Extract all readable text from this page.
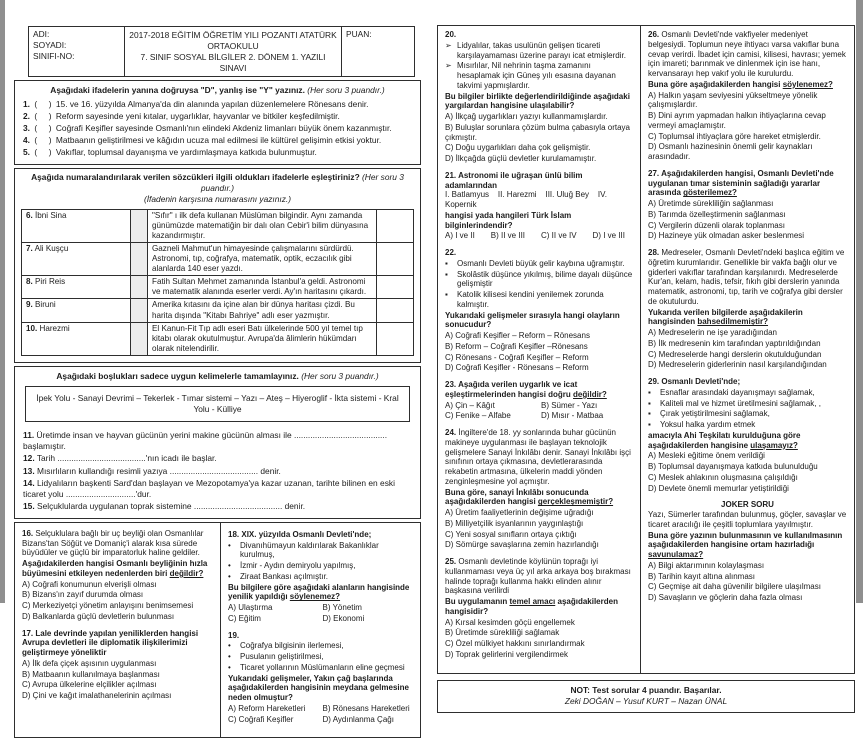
ADI:
SOYADI:
SINIFI-NO:
2017-2018 EĞİTİM ÖĞRETİM YILI POZANTI ATATÜRK ORTAOKULU
7. SINIF SOSYAL BİLGİLER 2. DÖNEM 1. YAZILI SINAVI
PUAN:
Aşağıdaki ifadelerin yanına doğruysa "D", yanlış ise "Y" yazınız. (Her soru 3 puandır.)
1. (     ) 15. ve 16. yüzyılda Almanya'da din alanında yapılan düzenlemelere Rönesans denir.
2. (     ) Reform sayesinde yeni kıtalar, uygarlıklar, hayvanlar ve bitkiler keşfedilmiştir.
3. (     ) Coğrafi Keşifler sayesinde Osmanlı'nın elindeki Akdeniz limanları büyük önem kazanmıştır.
4. (     ) Matbaanın geliştirilmesi ve kâğıdın ucuza mal edilmesi ile kültürel gelişimin etkisi yoktur.
5. (     ) Vakıflar, toplumsal dayanışma ve yardımlaşmaya katkıda bulunmuştur.
Aşağıda numaralandırılarak verilen sözcükleri ilgili oldukları ifadelerle eşleştiriniz? (Her soru 3 puandır.)
(İfadenin karşısına numarasını yazınız.)
6. İbni Sina		"Sıfır" ı ilk defa kullanan Müslüman bilgindir. Aynı zamanda günümüzde matematiğin bir dalı olan Cebir'i bilim dünyasına kazandırmıştır.	
7. Ali Kuşçu		Gazneli Mahmut'un himayesinde çalışmalarını sürdürdü. Astronomi, tıp, coğrafya, matematik, optik, eczacılık gibi alanlarda 140 eser yazdı.	
8. Piri Reis		Fatih Sultan Mehmet zamanında İstanbul'a geldi. Astronomi ve matematik alanında eserler verdi. Ay'ın haritasını çıkardı.	
9. Biruni		Amerika kıtasını da içine alan bir dünya haritası çizdi. Bu harita dışında "Kitabı Bahriye" adlı eser yazmıştır.	
10. Harezmi		El Kanun-Fit Tıp adlı eseri Batı ülkelerinde 500 yıl temel tıp kitabı olarak okutulmuştur. Avrupa'da âlimlerin hükümdarı olarak nitelendirilir.	
Aşağıdaki boşlukları sadece uygun kelimelerle tamamlayınız. (Her soru 3 puandır.)
İpek Yolu - Sanayi Devrimi – Tekerlek - Tımar sistemi – Yazı – Ateş – Hiyeroglif - İkta sistemi - Kral Yolu - Külliye
11. Üretimde insan ve hayvan gücünün yerini makine gücünün alması ile ........................................ başlamıştır.
12. Tarih ......................................'nın icadı ile başlar.
13. Mısırlıların kullandığı resimli yazıya ...................................... denir.
14. Lidyalıların başkenti Sard'dan başlayan ve Mezopotamya'ya kazar uzanan, tarihte bilinen en eski ticaret yolu ..............................'dur.
15. Selçuklularda uygulanan toprak sistemine ...................................... denir.
16. Selçuklulara bağlı bir uç beyliği olan Osmanlılar Bizans'tan Söğüt ve Domaniç'i alarak kısa sürede büyüdüler ve güçlü bir imparatorluk haline geldiler.
Aşağıdakilerden hangisi Osmanlı beyliğinin hızla büyümesini etkileyen nedenlerden biri değildir?
A) Coğrafi konumunun elverişli olması
B) Bizans'ın zayıf durumda olması
C) Merkeziyetçi yönetim anlayışını benimsemesi
D) Balkanlarda güçlü devletlerin bulunması
17. Lale devrinde yapılan yeniliklerden hangisi Avrupa devletleri ile diplomatik ilişkilerimizi geliştirmeye yöneliktir
A) İlk defa çiçek aşısının uygulanması
B) Matbaanın kullanılmaya başlanması
C) Avrupa ülkelerine elçilikler açılması
D) Çini ve kağıt imalathanelerinin açılması
18. XIX. yüzyılda Osmanlı Devleti'nde;
•	Divanıhümayun kaldırılarak Bakanlıklar kurulmuş,
•	İzmir - Aydın demiryolu yapılmış,
•	Ziraat Bankası açılmıştır.
Bu bilgilere göre aşağıdaki alanların hangisinde yenilik yapıldığı söylenemez?
A) Ulaştırma	B) Yönetim
C) Eğitim	D) Ekonomi
19.
•	Coğrafya bilgisinin ilerlemesi,
•	Pusulanın geliştirilmesi,
•	Ticaret yollarının Müslümanların eline geçmesi
Yukarıdaki gelişmeler, Yakın çağ başlarında aşağıdakilerden hangisinin meydana gelmesine neden olmuştur?
A) Reform Hareketleri	B) Rönesans Hareketleri
C) Coğrafi Keşifler	D) Aydınlanma Çağı
20.
➢ Lidyalılar, takas usulünün gelişen ticareti karşılayamaması üzerine parayı icat etmişlerdir.
➢ Mısırlılar, Nil nehrinin taşma zamanını hesaplamak için Güneş yılı esasına dayanan takvimi yapmışlardır.
Bu bilgiler birlikte değerlendirildiğinde aşağıdaki yargılardan hangisine ulaşılabilir?
A) İlkçağ uygarlıkları yazıyı kullanmamışlardır.
B) Buluşlar sorunlara çözüm bulma çabasıyla ortaya çıkmıştır.
C) Doğu uygarlıkları daha çok gelişmiştir.
D) İlkçağda güçlü devletler kurulamamıştır.
21. Astronomi ile uğraşan ünlü bilim adamlarından
I. Batlamyus    II. Harezmi    III. Uluğ Bey    IV. Kopernik
hangisi yada hangileri Türk İslam bilginlerindendir?
A) I ve II B) II ve III C) II ve IV D) I ve III
22.
▪	Osmanlı Devleti büyük gelir kaybına uğramıştır.
▪	Skolâstik düşünce yıkılmış, bilime dayalı düşünce gelişmiştir
▪	Katolik kilisesi kendini yenilemek zorunda kalmıştır.
Yukarıdaki gelişmeler sırasıyla hangi olayların sonucudur?
A) Coğrafi Keşifler – Reform – Rönesans
B) Reform – Coğrafi Keşifler –Rönesans
C) Rönesans - Coğrafi Keşifler – Reform
D) Coğrafi Keşifler - Rönesans – Reform
23. Aşağıda verilen uygarlık ve icat eşleştirmelerinden hangisi doğru değildir?
A) Çin – Kâğıt	B) Sümer - Yazı
C) Fenike – Alfabe	D) Mısır - Matbaa
24. İngiltere'de 18. yy sonlarında buhar gücünün makineye uygulanması ile başlayan teknolojik gelişmelere Sanayi İnkılâbı denir. Sanayi İnkılâbı işçi sınıfının ortaya çıkmasına, devletlerarasında rekabetin artmasına, ülkelerin maddi yönden zenginleşmesine yol açmıştır.
Buna göre, sanayi İnkılâbı sonucunda aşağıdakilerden hangisi gerçekleşmemiştir?
A) Üretim faaliyetlerinin değişime uğradığı
B) Milliyetçilik isyanlarının yaygınlaştığı
C) Yeni sosyal sınıfların ortaya çıktığı
D) Sömürge savaşlarına zemin hazırlandığı
25. Osmanlı devletinde köylünün toprağı iyi kullanmaması veya üç yıl arka arkaya boş bırakması halinde toprağı kullanma hakkı elinden alınır başkasına verilirdi
Bu uygulamanın temel amacı aşağıdakilerden hangisidir?
A) Kırsal kesimden göçü engellemek
B) Üretimde sürekliliği sağlamak
C) Özel mülkiyet hakkını sınırlandırmak
D) Toprak gelirlerini vergilendirmek
26. Osmanlı Devleti'nde vakfiyeler medeniyet belgesiydi. Toplumun neye ihtiyacı varsa vakıflar buna cevap verirdi. İbadet için camisi, kilisesi, havrası; yemek için imareti; barınmak ve dinlenmek için ise hanı, kervansarayı hep vakıf yolu ile kurulurdu.
Buna göre aşağıdakilerden hangisi söylenemez?
A) Halkın yaşam seviyesini yükseltmeye yönelik çalışmışlardır.
B) Dini ayrım yapmadan halkın ihtiyaçlarına cevap vermeyi amaçlamıştır.
C) Toplumsal ihtiyaçlara göre hareket etmişlerdir.
D) Osmanlı hazinesinin önemli gelir kaynakları arasındadır.
27. Aşağıdakilerden hangisi, Osmanlı Devleti'nde uygulanan tımar sisteminin sağladığı yararlar arasında gösterilemez?
A) Üretimde sürekliliğin sağlanması
B) Tarımda özelleştirmenin sağlanması
C) Vergilerin düzenli olarak toplanması
D) Hazineye yük olmadan asker beslenmesi
28. Medreseler, Osmanlı Devleti'ndeki başlıca eğitim ve öğretim kurumlarıdır. Genellikle bir vakfa bağlı olur ve giderleri vakıflar tarafından karşılanırdı. Medreselerde Kur'an, kelam, hadis, tefsir, fıkıh gibi derslerin yanında matematik, astronomi, tıp, tarih ve coğrafya gibi dersler de okutulurdu.
Yukarıda verilen bilgilerde aşağıdakilerin hangisinden bahsedilmemiştir?
A) Medreselerin ne işe yaradığından
B) İlk medresenin kim tarafından yaptırıldığından
C) Medreselerde hangi derslerin okutulduğundan
D) Medreselerin giderlerinin nasıl karşılandığından
29. Osmanlı Devleti'nde;
▪	Esnaflar arasındaki dayanışmayı sağlamak,
▪	Kaliteli mal ve hizmet üretilmesini sağlamak, ,
▪	Çırak yetiştirilmesini sağlamak,
▪	Yoksul halka yardım etmek
amacıyla Ahi Teşkilatı kurulduğuna göre aşağıdakilerden hangisine ulaşamayız?
A) Mesleki eğitime önem verildiği
B) Toplumsal dayanışmaya katkıda bulunulduğu
C) Meslek ahlakının oluşmasına çalışıldığı
D) Devlete önemli memurlar yetiştirildiği
JOKER SORU
Yazı, Sümerler tarafından bulunmuş, göçler, savaşlar ve ticaret aracılığı ile çeşitli toplumlara yayılmıştır.
Buna göre yazının bulunmasının ve kullanılmasının aşağıdakilerden hangisine ortam hazırladığı savunulamaz?
A) Bilgi aktarımının kolaylaşması
B) Tarihin kayıt altına alınması
C) Geçmişe ait daha güvenilir bilgilere ulaşılması
D) Savaşların ve göçlerin daha fazla olması
NOT: Test sorular 4 puandır. Başarılar.
Zeki DOĞAN – Yusuf KURT – Nazan ÜNAL
